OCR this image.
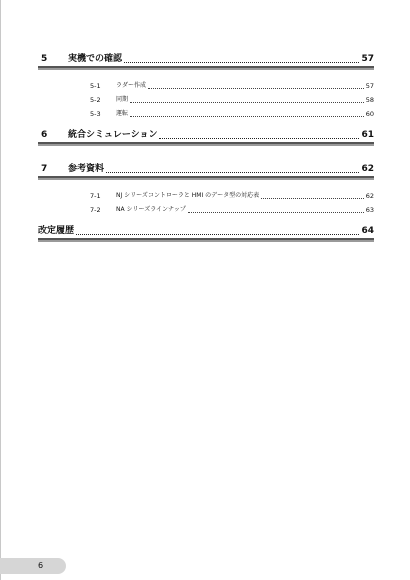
5	実機での確認	57
5-1	ラダー作成	57
5-2	同期	58
5-3	運転	60
6	統合シミュレーション	61
7	参考資料	62
7-1	NJ シリーズコントローラと HMI のデータ型の対応表	62
7-2	NA シリーズラインナップ	63
改定履歴	64
6
